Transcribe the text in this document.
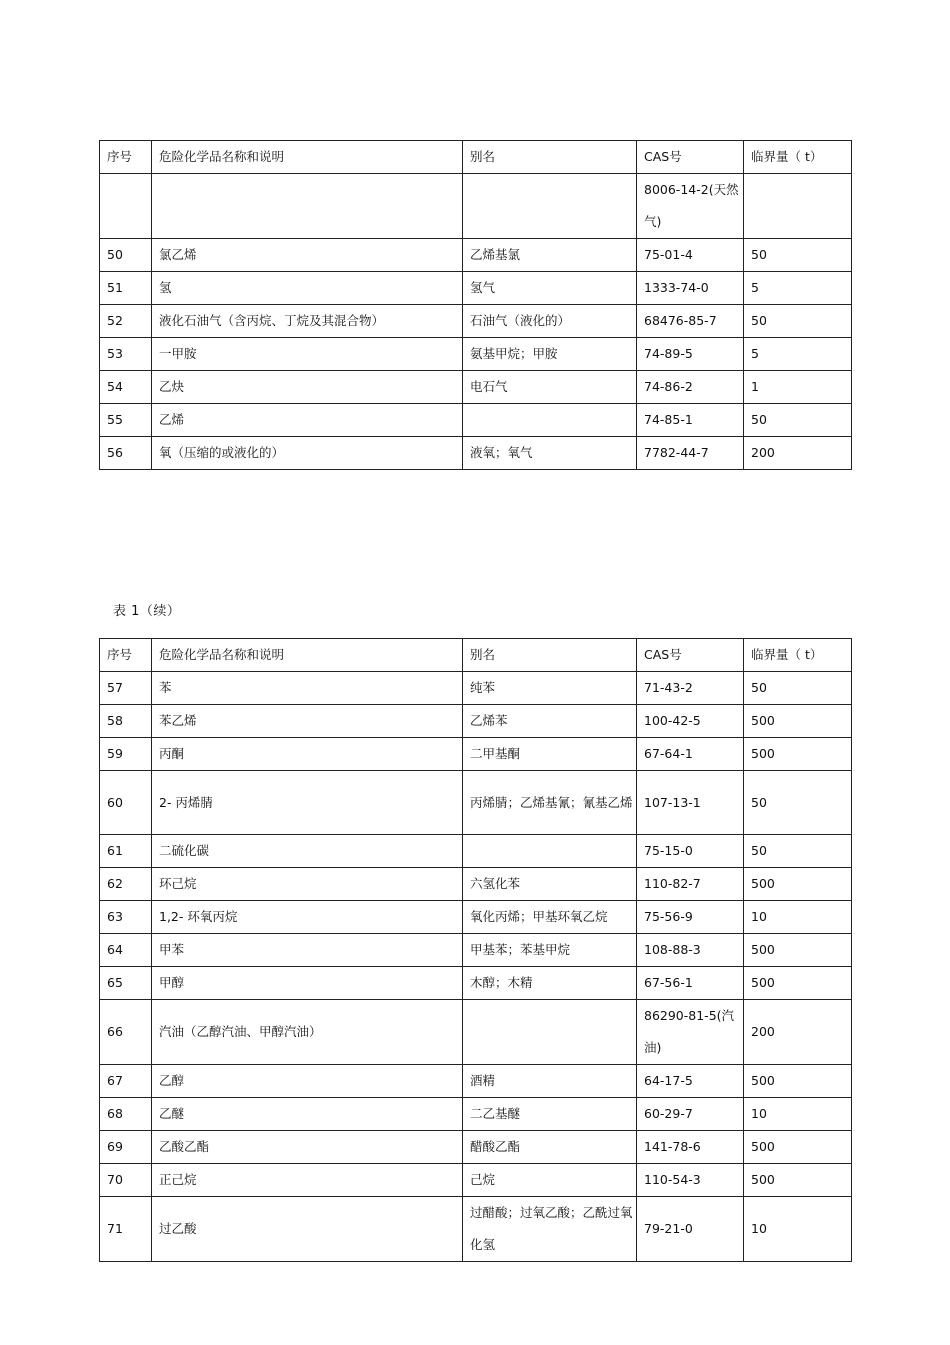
序号	危险化学品名称和说明	别名	CAS号	临界量（ t）
			8006-14-2(天然气)	
50	氯乙烯	乙烯基氯	75-01-4	50
51	氢	氢气	1333-74-0	5
52	液化石油气（含丙烷、丁烷及其混合物）	石油气（液化的）	68476-85-7	50
53	一甲胺	氨基甲烷；甲胺	74-89-5	5
54	乙炔	电石气	74-86-2	1
55	乙烯		74-85-1	50
56	氧（压缩的或液化的）	液氧；氧气	7782-44-7	200
表 1（续）
序号	危险化学品名称和说明	别名	CAS号	临界量（ t）
57	苯	纯苯	71-43-2	50
58	苯乙烯	乙烯苯	100-42-5	500
59	丙酮	二甲基酮	67-64-1	500
60	2- 丙烯腈	丙烯腈；乙烯基氰；氰基乙烯	107-13-1	50
61	二硫化碳		75-15-0	50
62	环己烷	六氢化苯	110-82-7	500
63	1,2- 环氧丙烷	氧化丙烯；甲基环氧乙烷	75-56-9	10
64	甲苯	甲基苯；苯基甲烷	108-88-3	500
65	甲醇	木醇；木精	67-56-1	500
66	汽油（乙醇汽油、甲醇汽油）		86290-81-5(汽油)	200
67	乙醇	酒精	64-17-5	500
68	乙醚	二乙基醚	60-29-7	10
69	乙酸乙酯	醋酸乙酯	141-78-6	500
70	正己烷	己烷	110-54-3	500
71	过乙酸	过醋酸；过氧乙酸；乙酰过氧化氢	79-21-0	10
